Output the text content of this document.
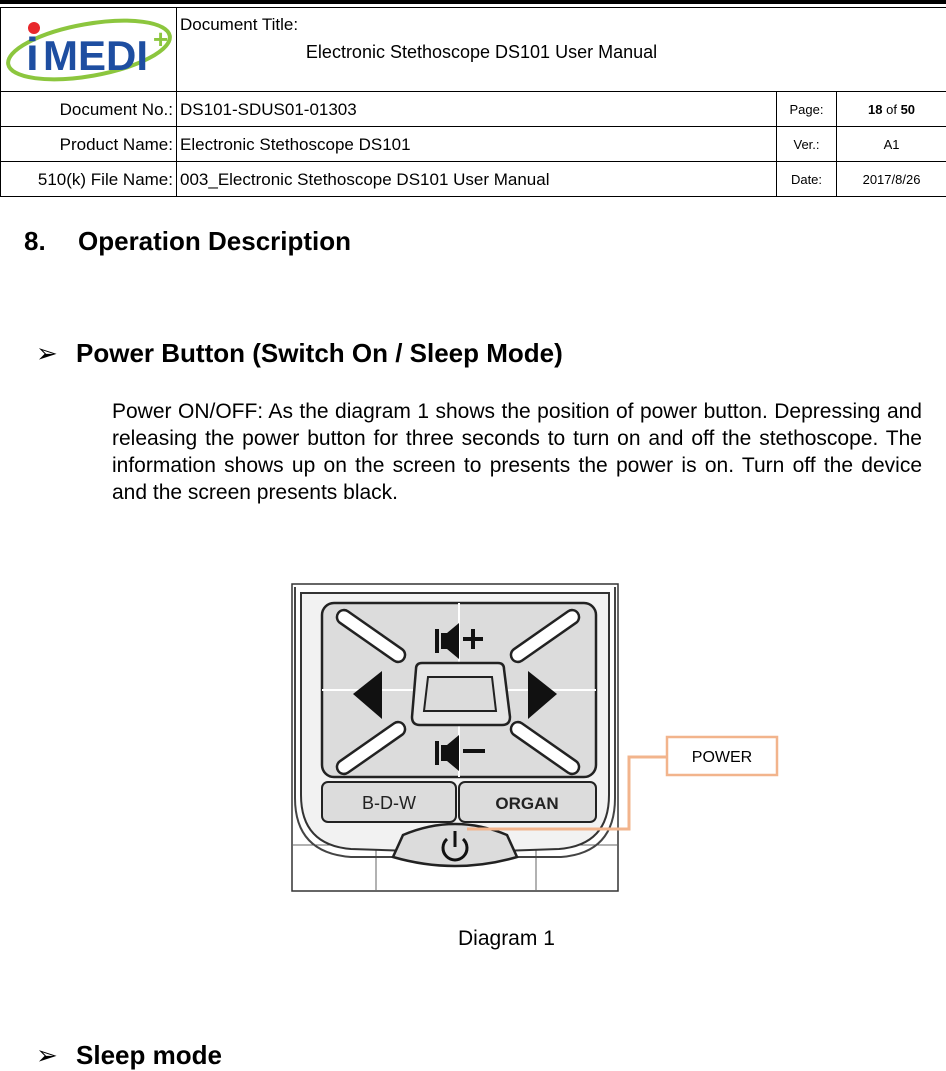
i MEDI +	Document Title:
Electronic Stethoscope DS101 User Manual		

Document No.:	DS101-SDUS01-01303	Page:	18 of 50
Product Name:	Electronic Stethoscope DS101	Ver.:	A1
510(k) File Name:	003_Electronic Stethoscope DS101 User Manual	Date:	2017/8/26
8. Operation Description
➢ Power Button (Switch On / Sleep Mode)
Power ON/OFF: As the diagram 1 shows the position of power button. Depressing and releasing the power button for three seconds to turn on and off the stethoscope. The information shows up on the screen to presents the power is on. Turn off the device and the screen presents black.
B-D-W	ORGAN
POWER
Diagram 1
➢ Sleep mode
